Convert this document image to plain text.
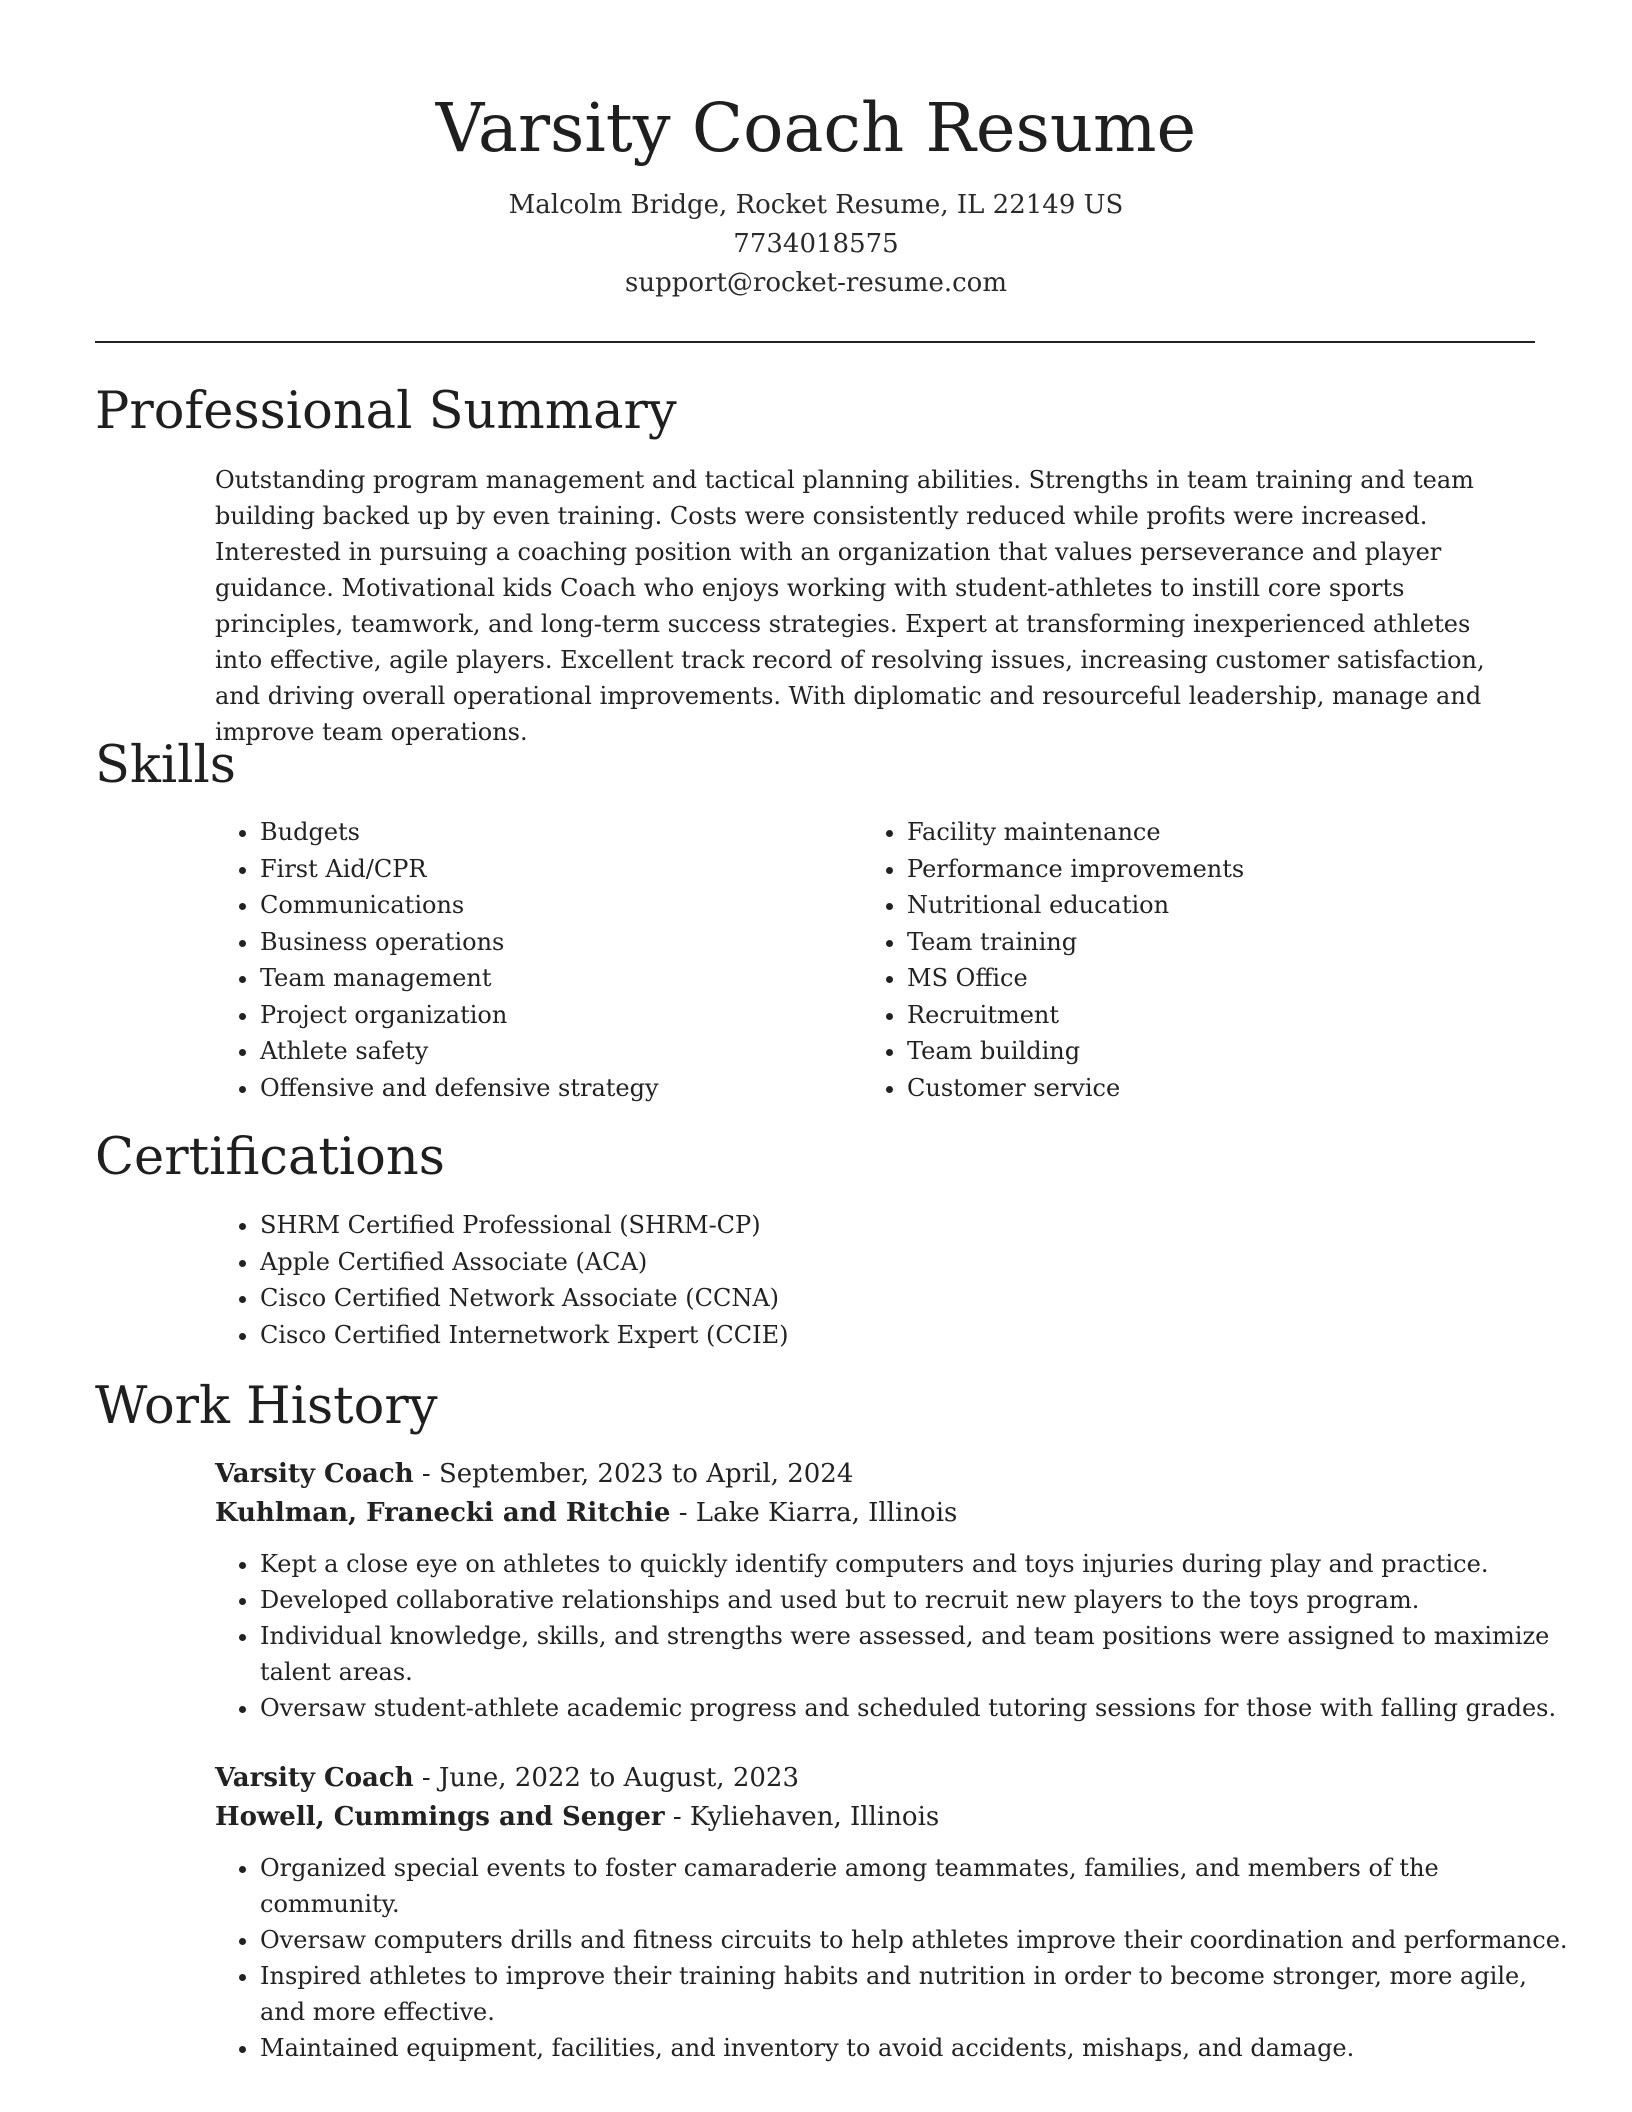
Varsity Coach Resume
Malcolm Bridge, Rocket Resume, IL 22149 US
7734018575
support@rocket-resume.com
Professional Summary

Outstanding program management and tactical planning abilities. Strengths in team training and team building backed up by even training. Costs were consistently reduced while profits were increased. Interested in pursuing a coaching position with an organization that values perseverance and player guidance. Motivational kids Coach who enjoys working with student-athletes to instill core sports principles, teamwork, and long-term success strategies. Expert at transforming inexperienced athletes into effective, agile players. Excellent track record of resolving issues, increasing customer satisfaction, and driving overall operational improvements. With diplomatic and resourceful leadership, manage and improve team operations.

Skills
• Budgets
• First Aid/CPR
• Communications
• Business operations
• Team management
• Project organization
• Athlete safety
• Offensive and defensive strategy
• Facility maintenance
• Performance improvements
• Nutritional education
• Team training
• MS Office
• Recruitment
• Team building
• Customer service
Certifications
• SHRM Certified Professional (SHRM-CP)
• Apple Certified Associate (ACA)
• Cisco Certified Network Associate (CCNA)
• Cisco Certified Internetwork Expert (CCIE)
Work History
Varsity Coach - September, 2023 to April, 2024
Kuhlman, Franecki and Ritchie - Lake Kiarra, Illinois
• Kept a close eye on athletes to quickly identify computers and toys injuries during play and practice.
• Developed collaborative relationships and used but to recruit new players to the toys program.
• Individual knowledge, skills, and strengths were assessed, and team positions were assigned to maximize talent areas.
• Oversaw student-athlete academic progress and scheduled tutoring sessions for those with falling grades.
Varsity Coach - June, 2022 to August, 2023
Howell, Cummings and Senger - Kyliehaven, Illinois
• Organized special events to foster camaraderie among teammates, families, and members of the community.
• Oversaw computers drills and fitness circuits to help athletes improve their coordination and performance.
• Inspired athletes to improve their training habits and nutrition in order to become stronger, more agile, and more effective.
• Maintained equipment, facilities, and inventory to avoid accidents, mishaps, and damage.
